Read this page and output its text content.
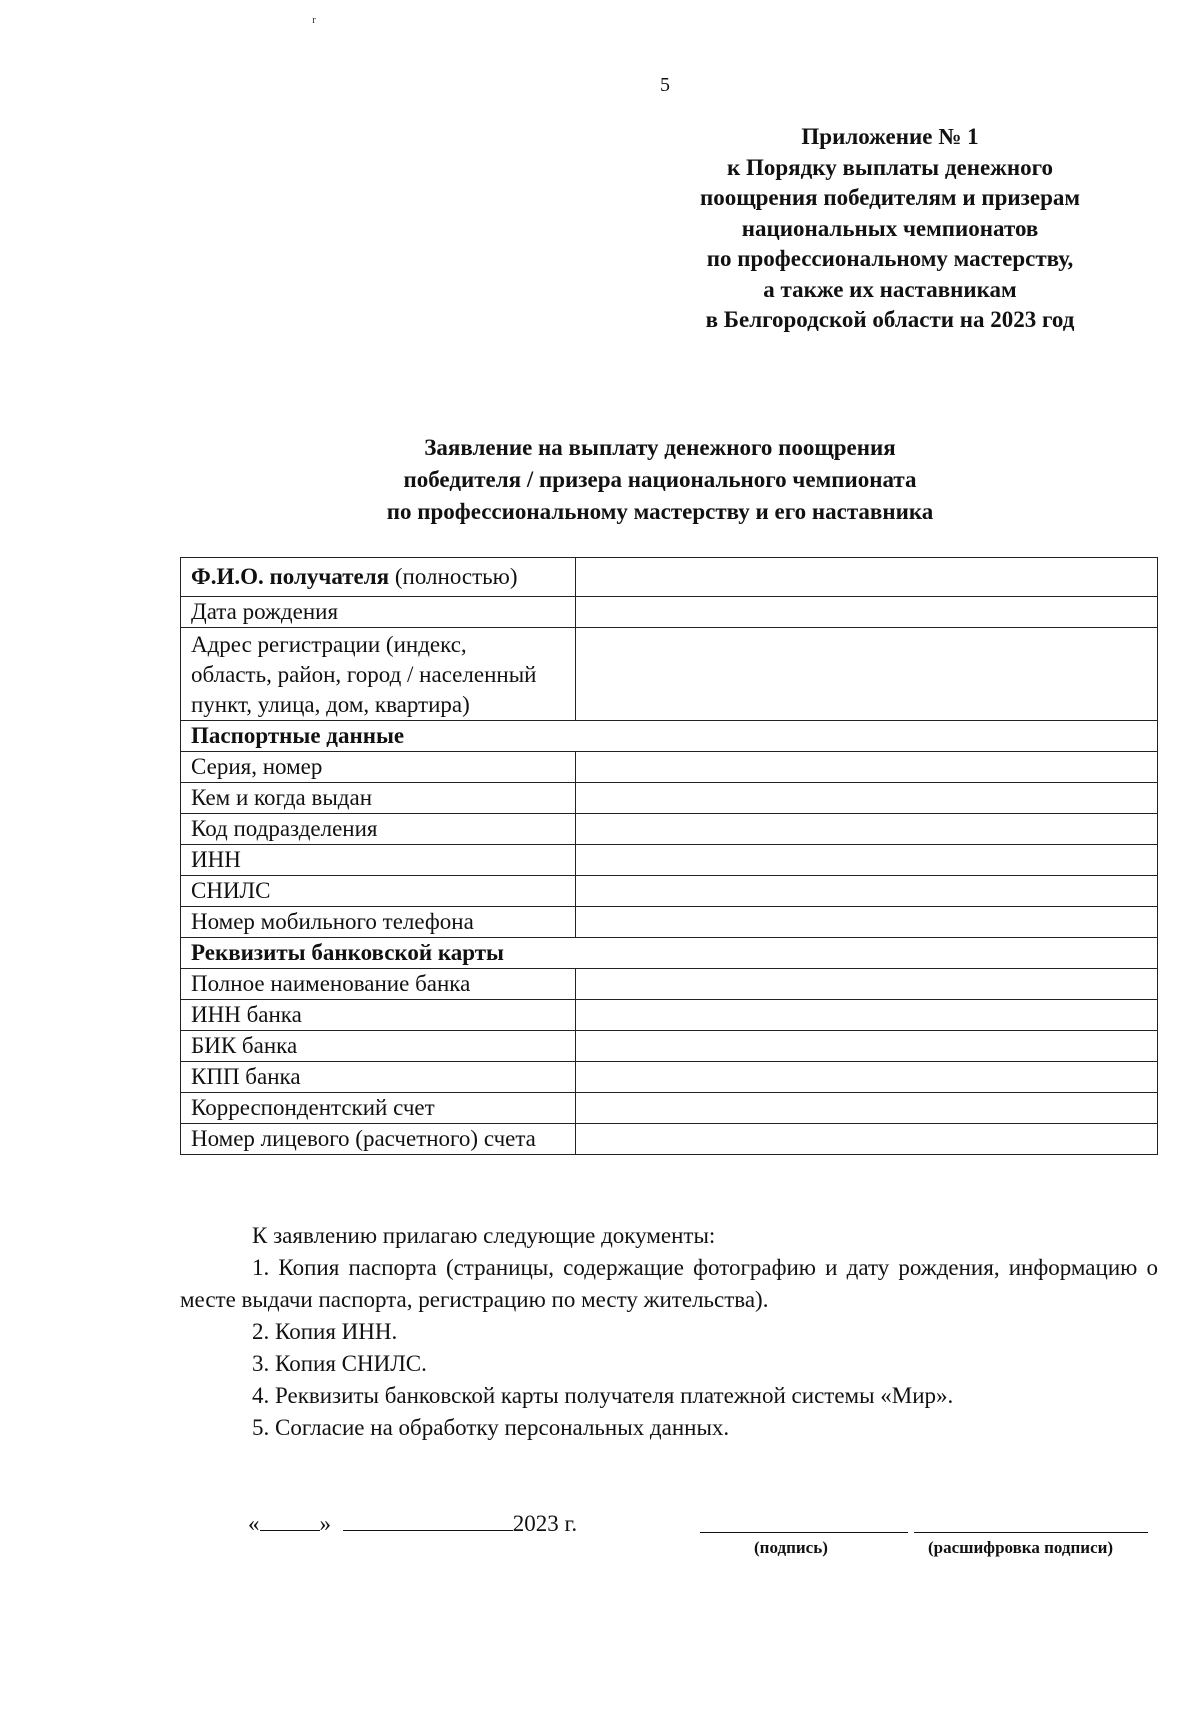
5
Приложение № 1
к Порядку выплаты денежного
поощрения победителям и призерам
национальных чемпионатов
по профессиональному мастерству,
а также их наставникам
в Белгородской области на 2023 год
Заявление на выплату денежного поощрения
победителя / призера национального чемпионата
по профессиональному мастерству и его наставника
Ф.И.О. получателя (полностью)	
Дата рождения	

Адрес регистрации (индекс,
область, район, город / населенный
пункт, улица, дом, квартира)	

Паспортные данные	
Серия, номер	
Кем и когда выдан	
Код подразделения	
ИНН	
СНИЛС	
Номер мобильного телефона	
Реквизиты банковской карты	
Полное наименование банка	
ИНН банка	
БИК банка	
КПП банка	
Корреспондентский счет	
Номер лицевого (расчетного) счета	

К заявлению прилагаю следующие документы:

1. Копия паспорта (страницы, содержащие фотографию и дату рождения, информацию о месте выдачи паспорта, регистрацию по месту жительства).

2. Копия ИНН.

3. Копия СНИЛС.

4. Реквизиты банковской карты получателя платежной системы «Мир».

5. Согласие на обработку персональных данных.

«	»	2023 г.
(подпись)	(расшифровка подписи)
ʳ
